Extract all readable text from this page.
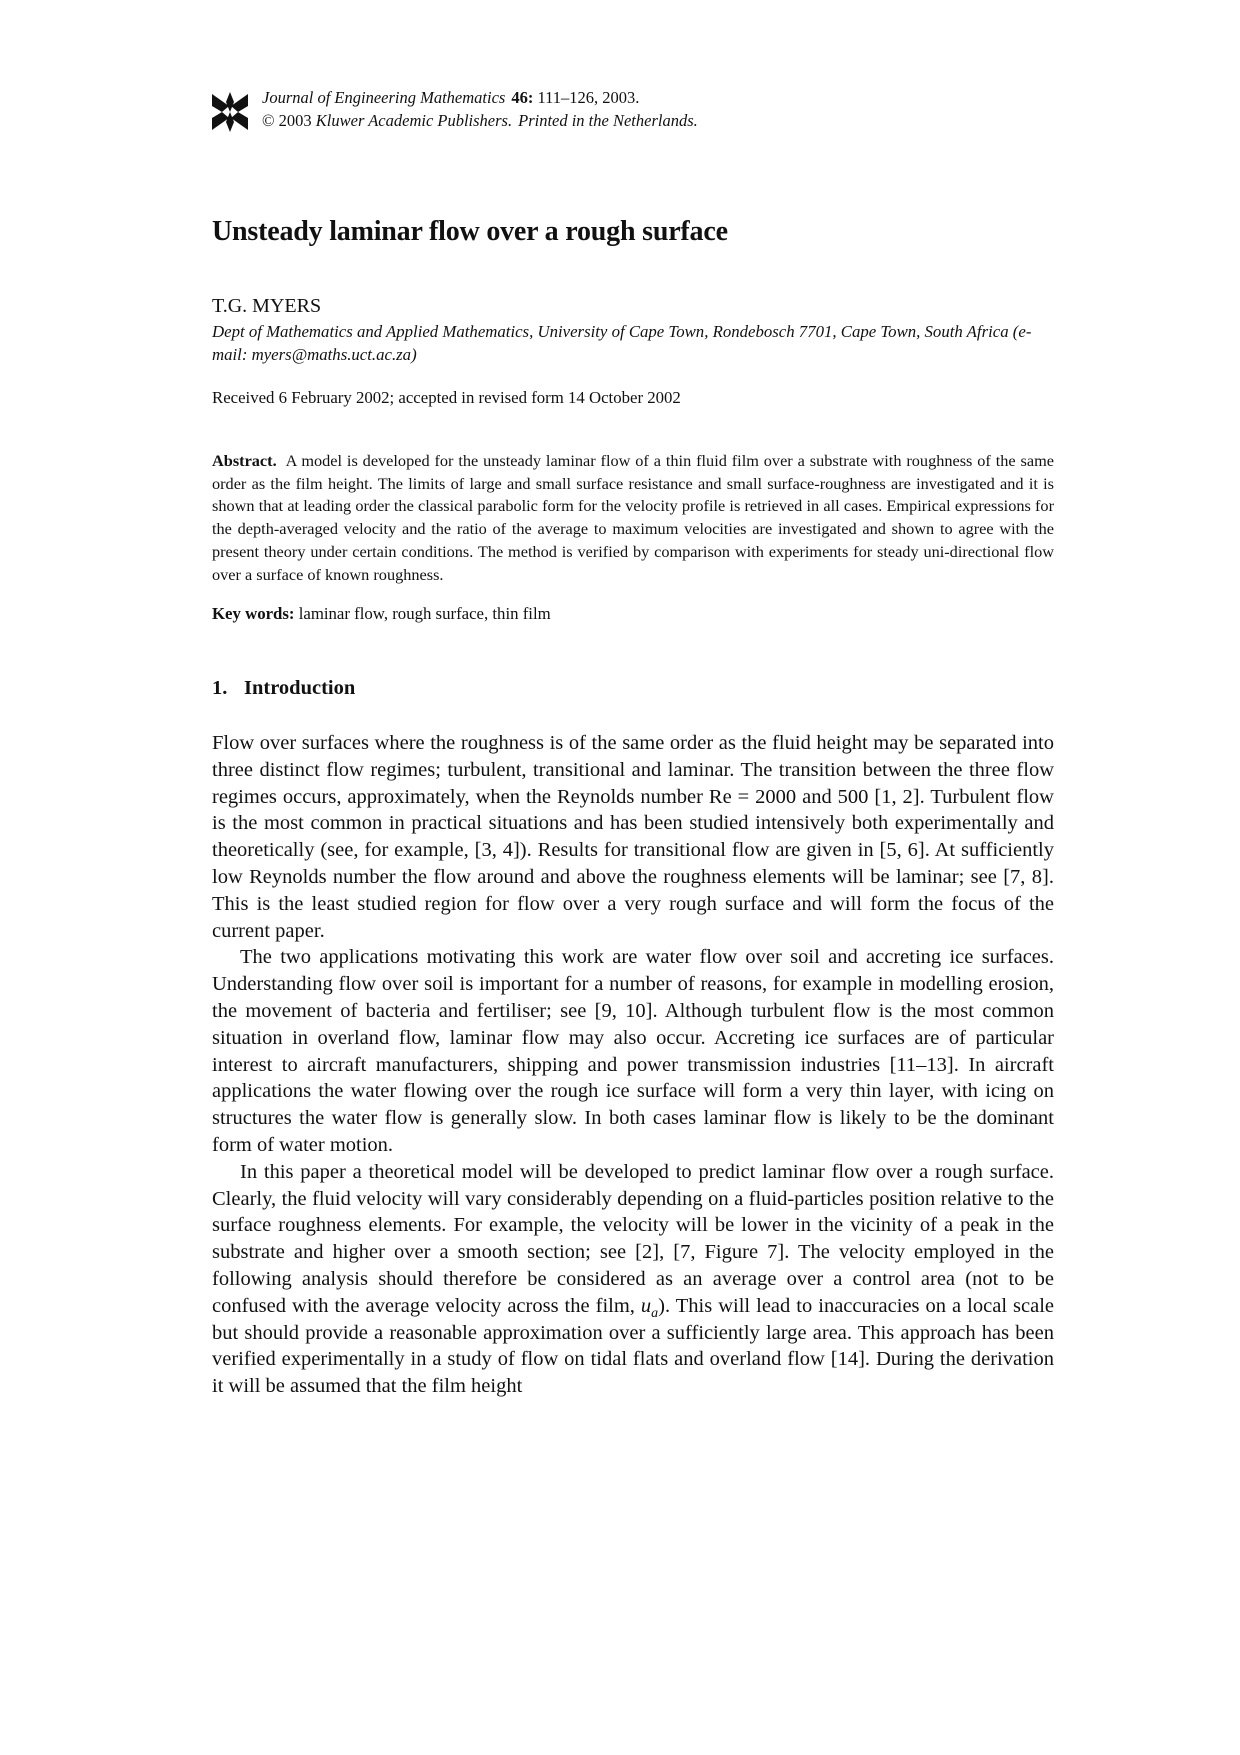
Journal of Engineering Mathematics 46: 111–126, 2003.
© 2003 Kluwer Academic Publishers. Printed in the Netherlands.
Unsteady laminar flow over a rough surface

T.G. MYERS

Dept of Mathematics and Applied Mathematics, University of Cape Town, Rondebosch 7701, Cape Town, South Africa (e-mail: myers@maths.uct.ac.za)

Received 6 February 2002; accepted in revised form 14 October 2002

Abstract. A model is developed for the unsteady laminar flow of a thin fluid film over a substrate with roughness of the same order as the film height. The limits of large and small surface resistance and small surface-roughness are investigated and it is shown that at leading order the classical parabolic form for the velocity profile is retrieved in all cases. Empirical expressions for the depth-averaged velocity and the ratio of the average to maximum velocities are investigated and shown to agree with the present theory under certain conditions. The method is verified by comparison with experiments for steady uni-directional flow over a surface of known roughness.

Key words: laminar flow, rough surface, thin film

1. Introduction

Flow over surfaces where the roughness is of the same order as the fluid height may be separated into three distinct flow regimes; turbulent, transitional and laminar. The transition between the three flow regimes occurs, approximately, when the Reynolds number Re = 2000 and 500 [1, 2]. Turbulent flow is the most common in practical situations and has been studied intensively both experimentally and theoretically (see, for example, [3, 4]). Results for transitional flow are given in [5, 6]. At sufficiently low Reynolds number the flow around and above the roughness elements will be laminar; see [7, 8]. This is the least studied region for flow over a very rough surface and will form the focus of the current paper.

The two applications motivating this work are water flow over soil and accreting ice surfaces. Understanding flow over soil is important for a number of reasons, for example in modelling erosion, the movement of bacteria and fertiliser; see [9, 10]. Although turbulent flow is the most common situation in overland flow, laminar flow may also occur. Accreting ice surfaces are of particular interest to aircraft manufacturers, shipping and power transmission industries [11–13]. In aircraft applications the water flowing over the rough ice surface will form a very thin layer, with icing on structures the water flow is generally slow. In both cases laminar flow is likely to be the dominant form of water motion.

In this paper a theoretical model will be developed to predict laminar flow over a rough surface. Clearly, the fluid velocity will vary considerably depending on a fluid-particles position relative to the surface roughness elements. For example, the velocity will be lower in the vicinity of a peak in the substrate and higher over a smooth section; see [2], [7, Figure 7]. The velocity employed in the following analysis should therefore be considered as an average over a control area (not to be confused with the average velocity across the film, $u_a$). This will lead to inaccuracies on a local scale but should provide a reasonable approximation over a sufficiently large area. This approach has been verified experimentally in a study of flow on tidal flats and overland flow [14]. During the derivation it will be assumed that the film height
